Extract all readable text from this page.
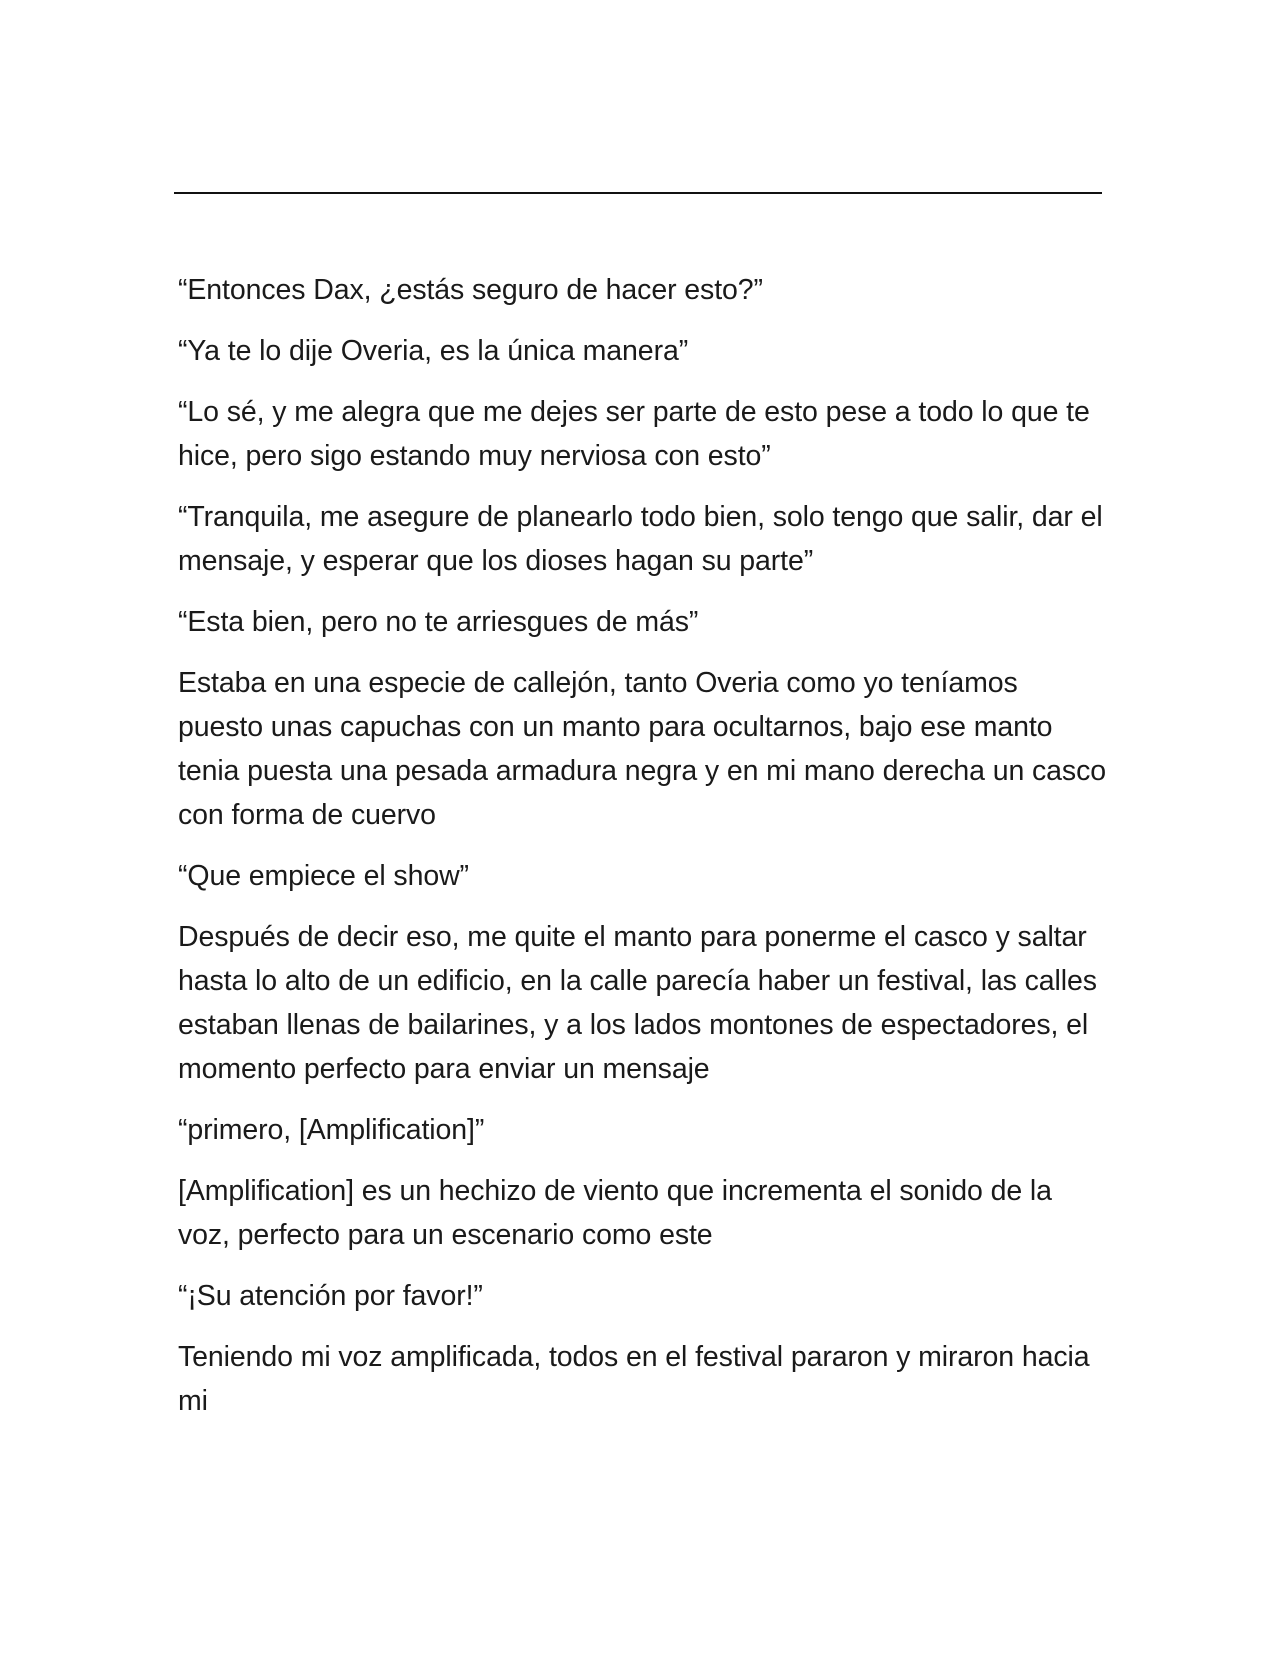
“Entonces Dax, ¿estás seguro de hacer esto?”

“Ya te lo dije Overia, es la única manera”

“Lo sé, y me alegra que me dejes ser parte de esto pese a todo lo que te hice, pero sigo estando muy nerviosa con esto”

“Tranquila, me asegure de planearlo todo bien, solo tengo que salir, dar el mensaje, y esperar que los dioses hagan su parte”

“Esta bien, pero no te arriesgues de más”

Estaba en una especie de callejón, tanto Overia como yo teníamos puesto unas capuchas con un manto para ocultarnos, bajo ese manto tenia puesta una pesada armadura negra y en mi mano derecha un casco con forma de cuervo

“Que empiece el show”

Después de decir eso, me quite el manto para ponerme el casco y saltar hasta lo alto de un edificio, en la calle parecía haber un festival, las calles estaban llenas de bailarines, y a los lados montones de espectadores, el momento perfecto para enviar un mensaje

“primero, [Amplification]”

[Amplification] es un hechizo de viento que incrementa el sonido de la voz, perfecto para un escenario como este

“¡Su atención por favor!”

Teniendo mi voz amplificada, todos en el festival pararon y miraron hacia mi
